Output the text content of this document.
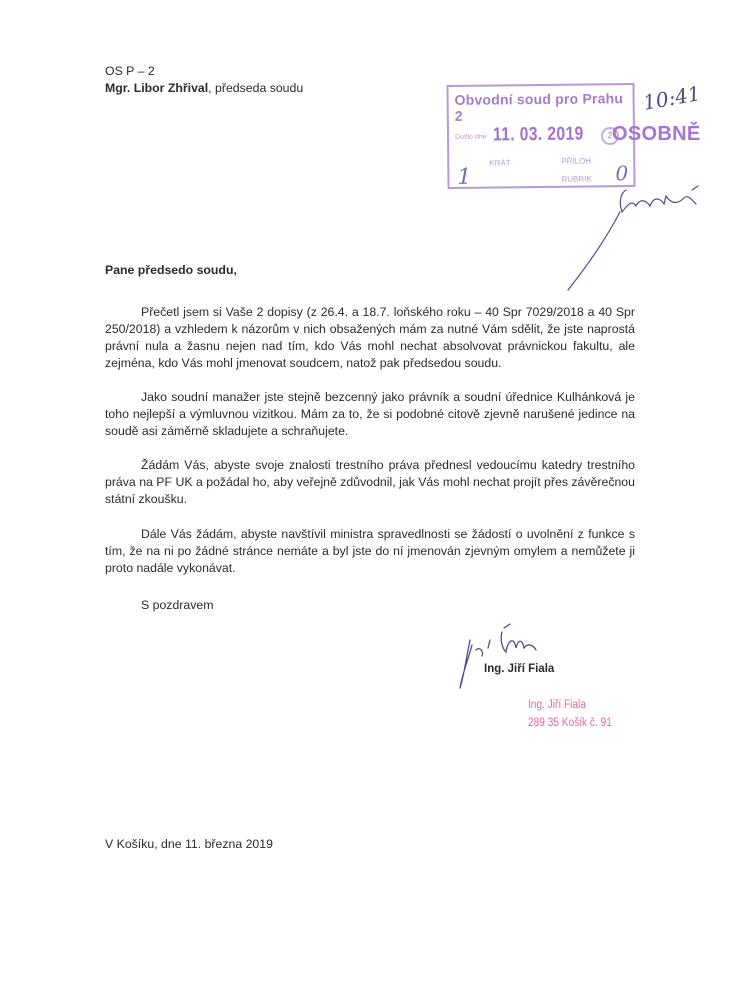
OS P – 2
Mgr. Libor Zhřival, předseda soudu
Obvodní soud pro Prahu 2
Došlo dne 11. 03. 2019
KRÁT	PŘÍLOH
RUBRIK
1	0
2 OSOBNĚ
10:41
Pane předsedo soudu,
Přečetl jsem si Vaše 2 dopisy (z 26.4. a 18.7. loňského roku – 40 Spr 7029/2018 a 40 Spr 250/2018) a vzhledem k názorům v nich obsažených mám za nutné Vám sdělit, že jste naprostá právní nula a žasnu nejen nad tím, kdo Vás mohl nechat absolvovat právnickou fakultu, ale zejména, kdo Vás mohl jmenovat soudcem, natož pak předsedou soudu.
Jako soudní manažer jste stejně bezcenný jako právník a soudní úřednice Kulhánková je toho nejlepší a výmluvnou vizitkou. Mám za to, že si podobné citově zjevně narušené jedince na soudě asi záměrně skladujete a schraňujete.
Žádám Vás, abyste svoje znalosti trestního práva přednesl vedoucímu katedry trestního práva na PF UK a požádal ho, aby veřejně zdůvodnil, jak Vás mohl nechat projít přes závěrečnou státní zkoušku.
Dále Vás žádám, abyste navštívil ministra spravedlnosti se žádostí o uvolnění z funkce s tím, že na ni po žádné stránce nemáte a byl jste do ní jmenován zjevným omylem a nemůžete ji proto nadále vykonávat.
S pozdravem
Ing. Jiří Fiala
Ing. Jiří Fiala
289 35 Košík č. 91
V Košíku, dne 11. března 2019
